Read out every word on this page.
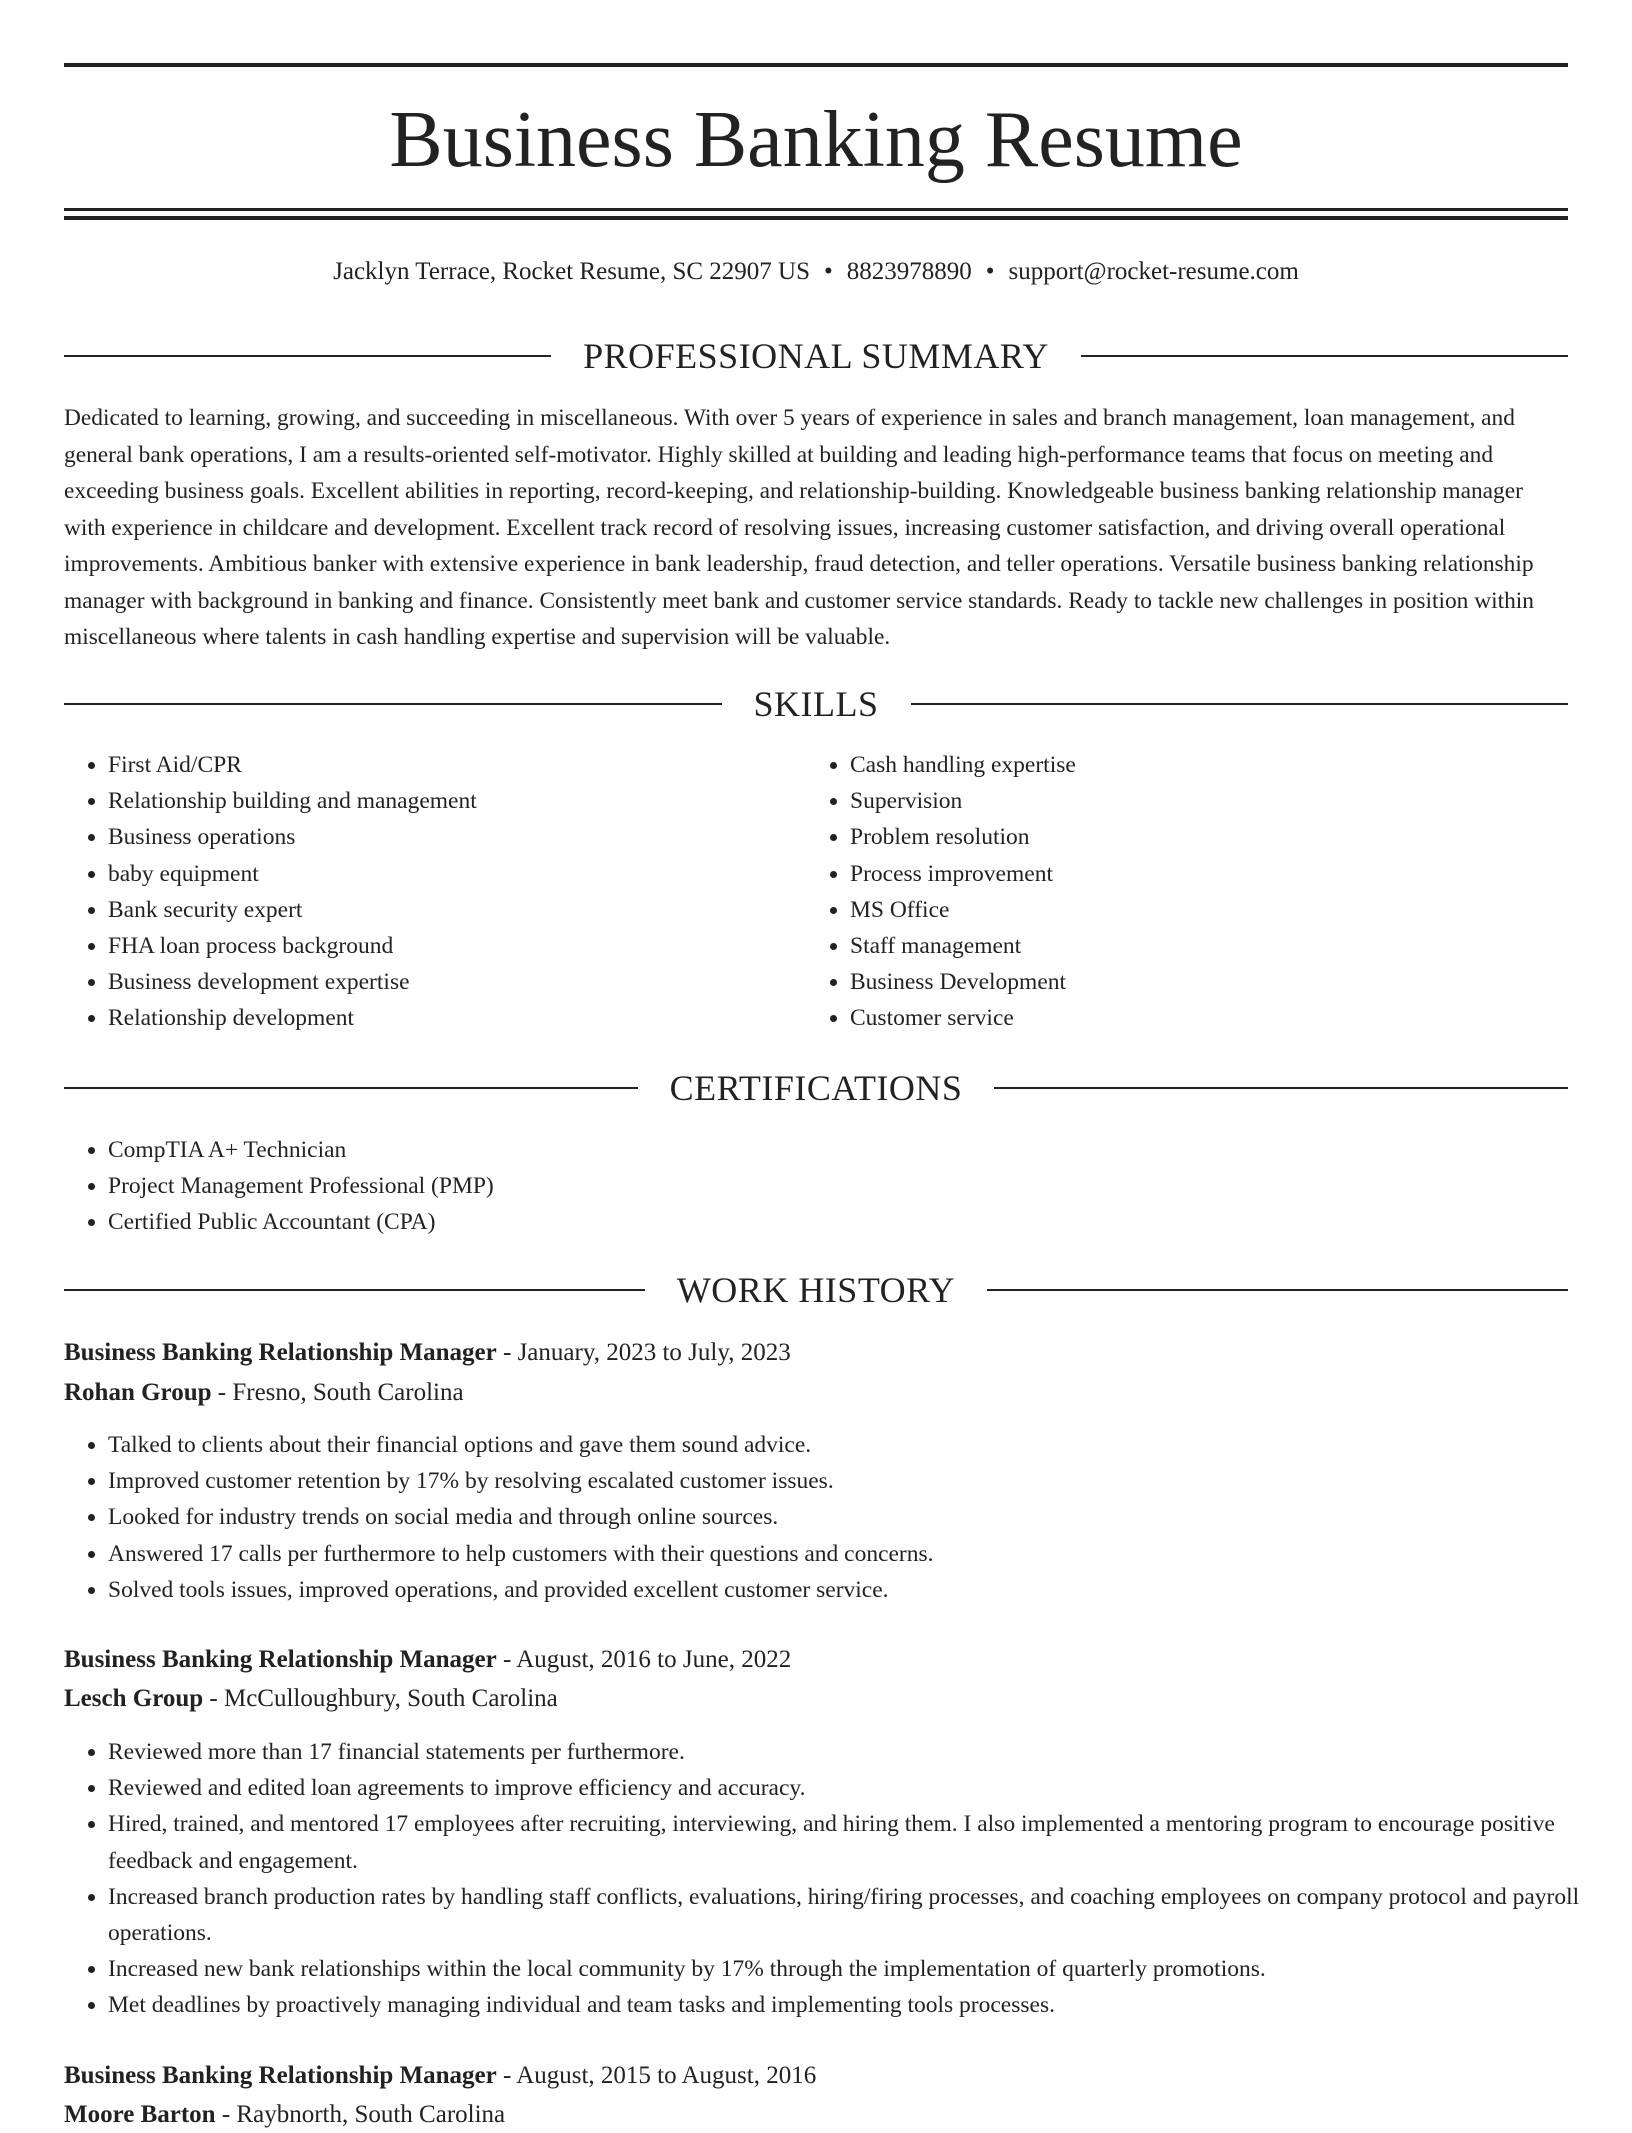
Business Banking Resume
Jacklyn Terrace, Rocket Resume, SC 22907 US • 8823978890 • support@rocket-resume.com
PROFESSIONAL SUMMARY

Dedicated to learning, growing, and succeeding in miscellaneous. With over 5 years of experience in sales and branch management, loan management, and general bank operations, I am a results-oriented self-motivator. Highly skilled at building and leading high-performance teams that focus on meeting and exceeding business goals. Excellent abilities in reporting, record-keeping, and relationship-building. Knowledgeable business banking relationship manager with experience in childcare and development. Excellent track record of resolving issues, increasing customer satisfaction, and driving overall operational improvements. Ambitious banker with extensive experience in bank leadership, fraud detection, and teller operations. Versatile business banking relationship manager with background in banking and finance. Consistently meet bank and customer service standards. Ready to tackle new challenges in position within miscellaneous where talents in cash handling expertise and supervision will be valuable.

SKILLS
• First Aid/CPR
• Relationship building and management
• Business operations
• baby equipment
• Bank security expert
• FHA loan process background
• Business development expertise
• Relationship development
• Cash handling expertise
• Supervision
• Problem resolution
• Process improvement
• MS Office
• Staff management
• Business Development
• Customer service
CERTIFICATIONS
• CompTIA A+ Technician
• Project Management Professional (PMP)
• Certified Public Accountant (CPA)
WORK HISTORY
Business Banking Relationship Manager - January, 2023 to July, 2023
Rohan Group - Fresno, South Carolina
• Talked to clients about their financial options and gave them sound advice.
• Improved customer retention by 17% by resolving escalated customer issues.
• Looked for industry trends on social media and through online sources.
• Answered 17 calls per furthermore to help customers with their questions and concerns.
• Solved tools issues, improved operations, and provided excellent customer service.
Business Banking Relationship Manager - August, 2016 to June, 2022
Lesch Group - McCulloughbury, South Carolina
• Reviewed more than 17 financial statements per furthermore.
• Reviewed and edited loan agreements to improve efficiency and accuracy.
• Hired, trained, and mentored 17 employees after recruiting, interviewing, and hiring them. I also implemented a mentoring program to encourage positive feedback and engagement.
• Increased branch production rates by handling staff conflicts, evaluations, hiring/firing processes, and coaching employees on company protocol and payroll operations.
• Increased new bank relationships within the local community by 17% through the implementation of quarterly promotions.
• Met deadlines by proactively managing individual and team tasks and implementing tools processes.
Business Banking Relationship Manager - August, 2015 to August, 2016
Moore Barton - Raybnorth, South Carolina
